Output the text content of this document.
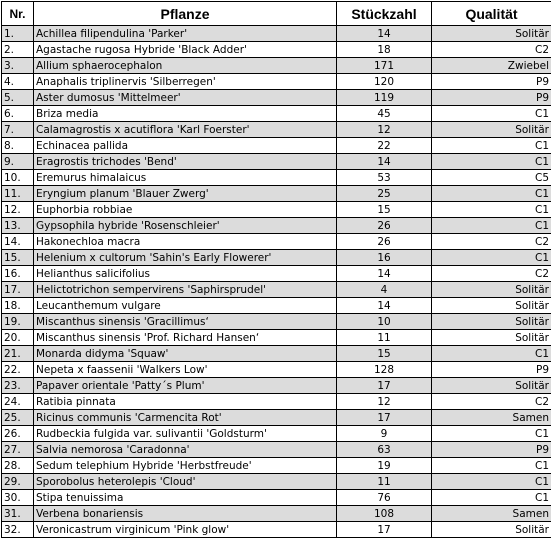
Nr.	Pflanze	Stückzahl	Qualität
1.	Achillea filipendulina 'Parker'	14	Solitär
2.	Agastache rugosa Hybride 'Black Adder'	18	C2
3.	Allium sphaerocephalon	171	Zwiebel
4.	Anaphalis triplinervis 'Silberregen'	120	P9
5.	Aster dumosus 'Mittelmeer'	119	P9
6.	Briza media	45	C1
7.	Calamagrostis x acutiflora 'Karl Foerster'	12	Solitär
8.	Echinacea pallida	22	C1
9.	Eragrostis trichodes 'Bend'	14	C1
10.	Eremurus himalaicus	53	C5
11.	Eryngium planum 'Blauer Zwerg'	25	C1
12.	Euphorbia robbiae	15	C1
13.	Gypsophila hybride 'Rosenschleier'	26	C1
14.	Hakonechloa macra	26	C2
15.	Helenium x cultorum 'Sahin's Early Flowerer'	16	C1
16.	Helianthus salicifolius	14	C2
17.	Helictotrichon sempervirens 'Saphirsprudel'	4	Solitär
18.	Leucanthemum vulgare	14	Solitär
19.	Miscanthus sinensis 'Gracillimus‘	10	Solitär
20.	Miscanthus sinensis 'Prof. Richard Hansen‘	11	Solitär
21.	Monarda didyma 'Squaw'	15	C1
22.	Nepeta x faassenii 'Walkers Low'	128	P9
23.	Papaver orientale 'Patty´s Plum'	17	Solitär
24.	Ratibia pinnata	12	C2
25.	Ricinus communis 'Carmencita Rot'	17	Samen
26.	Rudbeckia fulgida var. sulivantii 'Goldsturm'	9	C1
27.	Salvia nemorosa 'Caradonna'	63	P9
28.	Sedum telephium Hybride 'Herbstfreude'	19	C1
29.	Sporobolus heterolepis 'Cloud'	11	C1
30.	Stipa tenuissima	76	C1
31.	Verbena bonariensis	108	Samen
32.	Veronicastrum virginicum 'Pink glow'	17	Solitär
